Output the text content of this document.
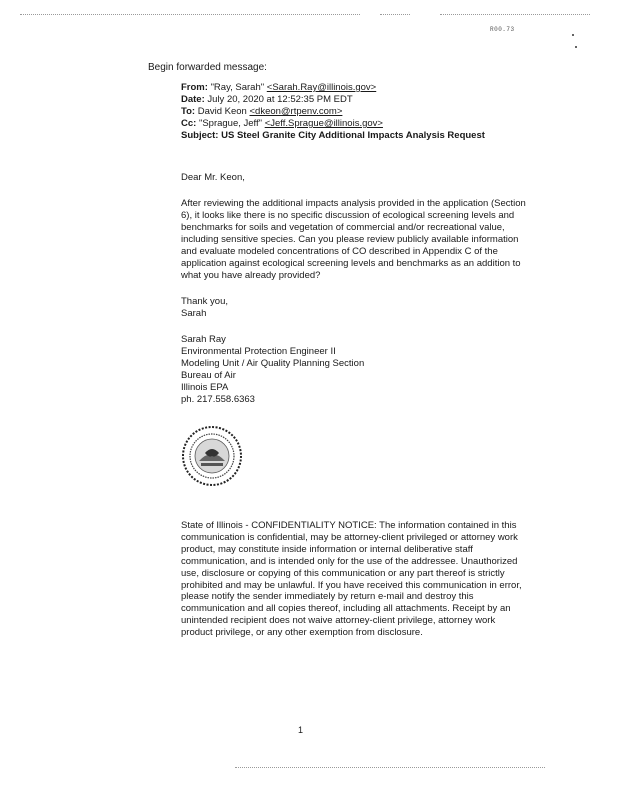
R00.73
Begin forwarded message:
From: "Ray, Sarah" <Sarah.Ray@illinois.gov>
Date: July 20, 2020 at 12:52:35 PM EDT
To: David Keon <dkeon@rtpenv.com>
Cc: "Sprague, Jeff" <Jeff.Sprague@illinois.gov>
Subject: US Steel Granite City Additional Impacts Analysis Request

Dear Mr. Keon,

After reviewing the additional impacts analysis provided in the application (Section 6), it looks like there is no specific discussion of ecological screening levels and benchmarks for soils and vegetation of commercial and/or recreational value, including sensitive species. Can you please review publicly available information and evaluate modeled concentrations of CO described in Appendix C of the application against ecological screening levels and benchmarks as an addition to what you have already provided?

Thank you,

Sarah

Sarah Ray

Environmental Protection Engineer II

Modeling Unit / Air Quality Planning Section

Bureau of Air

Illinois EPA

ph. 217.558.6363

State of Illinois - CONFIDENTIALITY NOTICE: The information contained in this communication is confidential, may be attorney-client privileged or attorney work product, may constitute inside information or internal deliberative staff communication, and is intended only for the use of the addressee. Unauthorized use, disclosure or copying of this communication or any part thereof is strictly prohibited and may be unlawful. If you have received this communication in error, please notify the sender immediately by return e-mail and destroy this communication and all copies thereof, including all attachments. Receipt by an unintended recipient does not waive attorney-client privilege, attorney work product privilege, or any other exemption from disclosure.
1
